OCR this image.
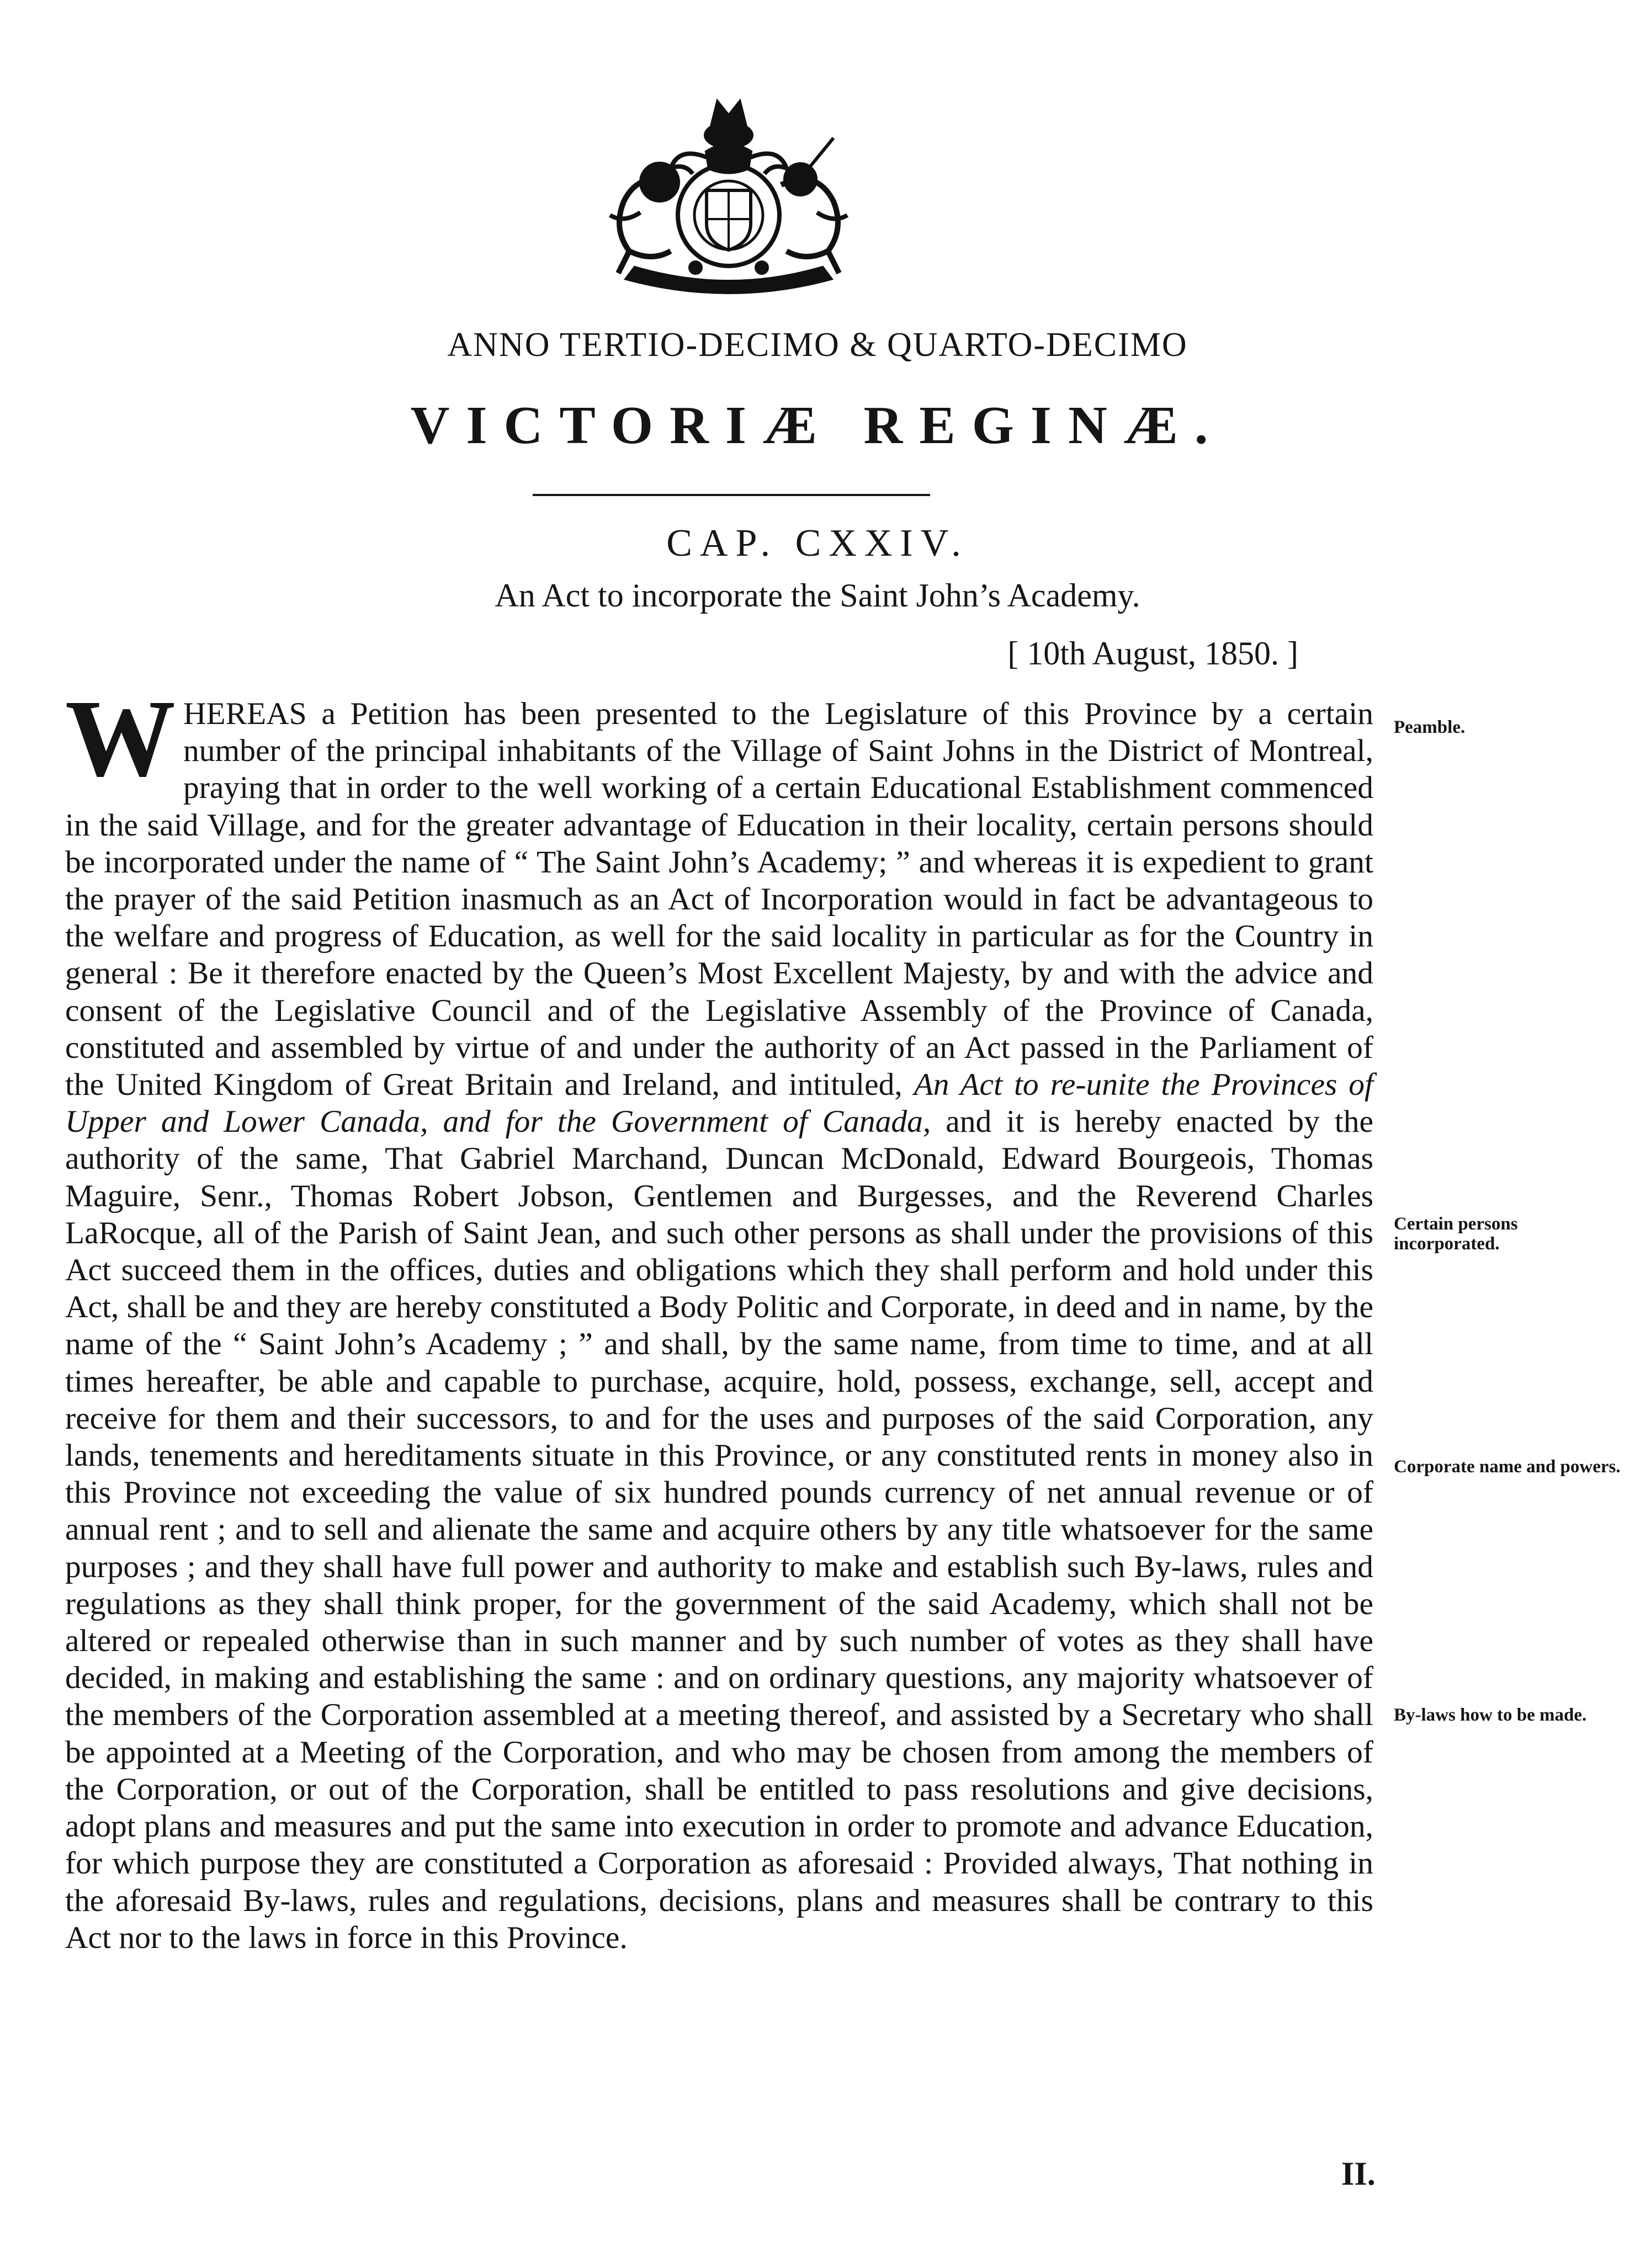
ANNO TERTIO-DECIMO & QUARTO-DECIMO
VICTORIÆ REGINÆ.
CAP. CXXIV.
An Act to incorporate the Saint John’s Academy.
[ 10th August, 1850. ]
WHEREAS a Petition has been presented to the Legislature of this Province by a certain number of the principal inhabitants of the Village of Saint Johns in the District of Montreal, praying that in order to the well working of a certain Educational Establishment commenced in the said Village, and for the greater advantage of Education in their locality, certain persons should be incorporated under the name of “ The Saint John’s Academy; ” and whereas it is expedient to grant the prayer of the said Petition inasmuch as an Act of Incorporation would in fact be advantageous to the welfare and progress of Education, as well for the said locality in particular as for the Country in general : Be it therefore enacted by the Queen’s Most Excellent Majesty, by and with the advice and consent of the Legislative Council and of the Legislative Assembly of the Province of Canada, constituted and assembled by virtue of and under the authority of an Act passed in the Parliament of the United Kingdom of Great Britain and Ireland, and intituled, An Act to re-unite the Provinces of Upper and Lower Canada, and for the Government of Canada, and it is hereby enacted by the authority of the same, That Gabriel Marchand, Duncan McDonald, Edward Bourgeois, Thomas Maguire, Senr., Thomas Robert Jobson, Gentlemen and Burgesses, and the Reverend Charles LaRocque, all of the Parish of Saint Jean, and such other persons as shall under the provisions of this Act succeed them in the offices, duties and obligations which they shall perform and hold under this Act, shall be and they are hereby constituted a Body Politic and Corporate, in deed and in name, by the name of the “ Saint John’s Academy ; ” and shall, by the same name, from time to time, and at all times hereafter, be able and capable to purchase, acquire, hold, possess, exchange, sell, accept and receive for them and their successors, to and for the uses and purposes of the said Corporation, any lands, tenements and hereditaments situate in this Province, or any constituted rents in money also in this Province not exceeding the value of six hundred pounds currency of net annual revenue or of annual rent ; and to sell and alienate the same and acquire others by any title whatsoever for the same purposes ; and they shall have full power and authority to make and establish such By-laws, rules and regulations as they shall think proper, for the government of the said Academy, which shall not be altered or repealed otherwise than in such manner and by such number of votes as they shall have decided, in making and establishing the same : and on ordinary questions, any majority whatsoever of the members of the Corporation assembled at a meeting thereof, and assisted by a Secretary who shall be appointed at a Meeting of the Corporation, and who may be chosen from among the members of the Corporation, or out of the Corporation, shall be entitled to pass resolutions and give decisions, adopt plans and measures and put the same into execution in order to promote and advance Education, for which purpose they are constituted a Corporation as aforesaid : Provided always, That nothing in the aforesaid By-laws, rules and regulations, decisions, plans and measures shall be contrary to this Act nor to the laws in force in this Province.
Peamble.
Certain persons incorporated.
Corporate name and powers.
By-laws how to be made.
II.
